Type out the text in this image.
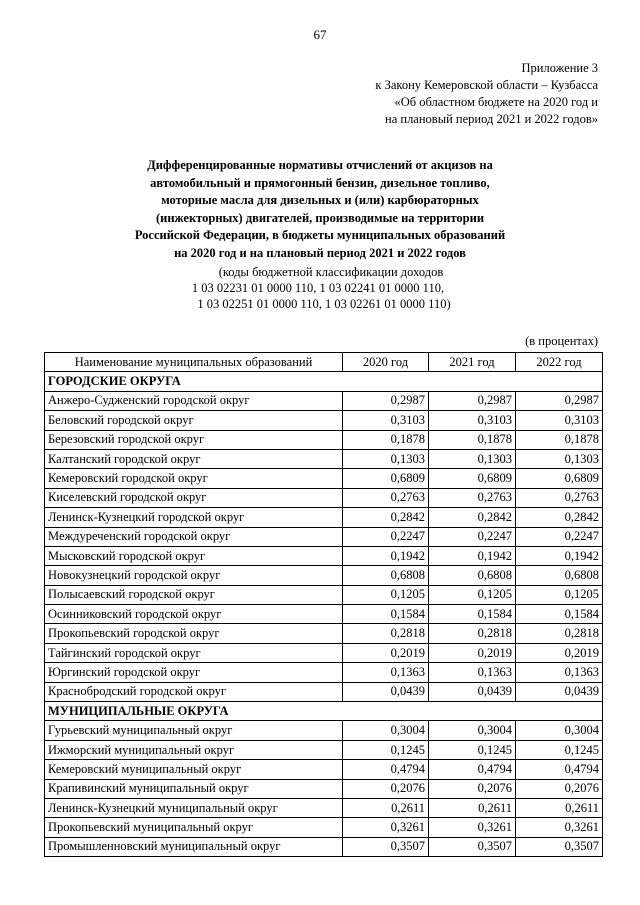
67
Приложение 3
к Закону Кемеровской области – Кузбасса
«Об областном бюджете на 2020 год и
на плановый период 2021 и 2022 годов»
Дифференцированные нормативы отчислений от акцизов на
автомобильный и прямогонный бензин, дизельное топливо,
моторные масла для дизельных и (или) карбюраторных
(инжекторных) двигателей, производимые на территории
Российской Федерации, в бюджеты муниципальных образований
на 2020 год и на плановый период 2021 и 2022 годов
(коды бюджетной классификации доходов
1 03 02231 01 0000 110, 1 03 02241 01 0000 110,
1 03 02251 01 0000 110, 1 03 02261 01 0000 110)
(в процентах)
Наименование муниципальных образований	2020 год	2021 год	2022 год
ГОРОДСКИЕ ОКРУГА			
Анжеро-Судженский городской округ	0,2987	0,2987	0,2987
Беловский городской округ	0,3103	0,3103	0,3103
Березовский городской округ	0,1878	0,1878	0,1878
Калтанский городской округ	0,1303	0,1303	0,1303
Кемеровский городской округ	0,6809	0,6809	0,6809
Киселевский городской округ	0,2763	0,2763	0,2763
Ленинск-Кузнецкий городской округ	0,2842	0,2842	0,2842
Междуреченский городской округ	0,2247	0,2247	0,2247
Мысковский городской округ	0,1942	0,1942	0,1942
Новокузнецкий городской округ	0,6808	0,6808	0,6808
Полысаевский городской округ	0,1205	0,1205	0,1205
Осинниковский городской округ	0,1584	0,1584	0,1584
Прокопьевский городской округ	0,2818	0,2818	0,2818
Тайгинский городской округ	0,2019	0,2019	0,2019
Юргинский городской округ	0,1363	0,1363	0,1363
Краснобродский городской округ	0,0439	0,0439	0,0439
МУНИЦИПАЛЬНЫЕ ОКРУГА			
Гурьевский муниципальный округ	0,3004	0,3004	0,3004
Ижморский муниципальный округ	0,1245	0,1245	0,1245
Кемеровский муниципальный округ	0,4794	0,4794	0,4794
Крапивинский муниципальный округ	0,2076	0,2076	0,2076
Ленинск-Кузнецкий муниципальный округ	0,2611	0,2611	0,2611
Прокопьевский муниципальный округ	0,3261	0,3261	0,3261
Промышленновский муниципальный округ	0,3507	0,3507	0,3507
